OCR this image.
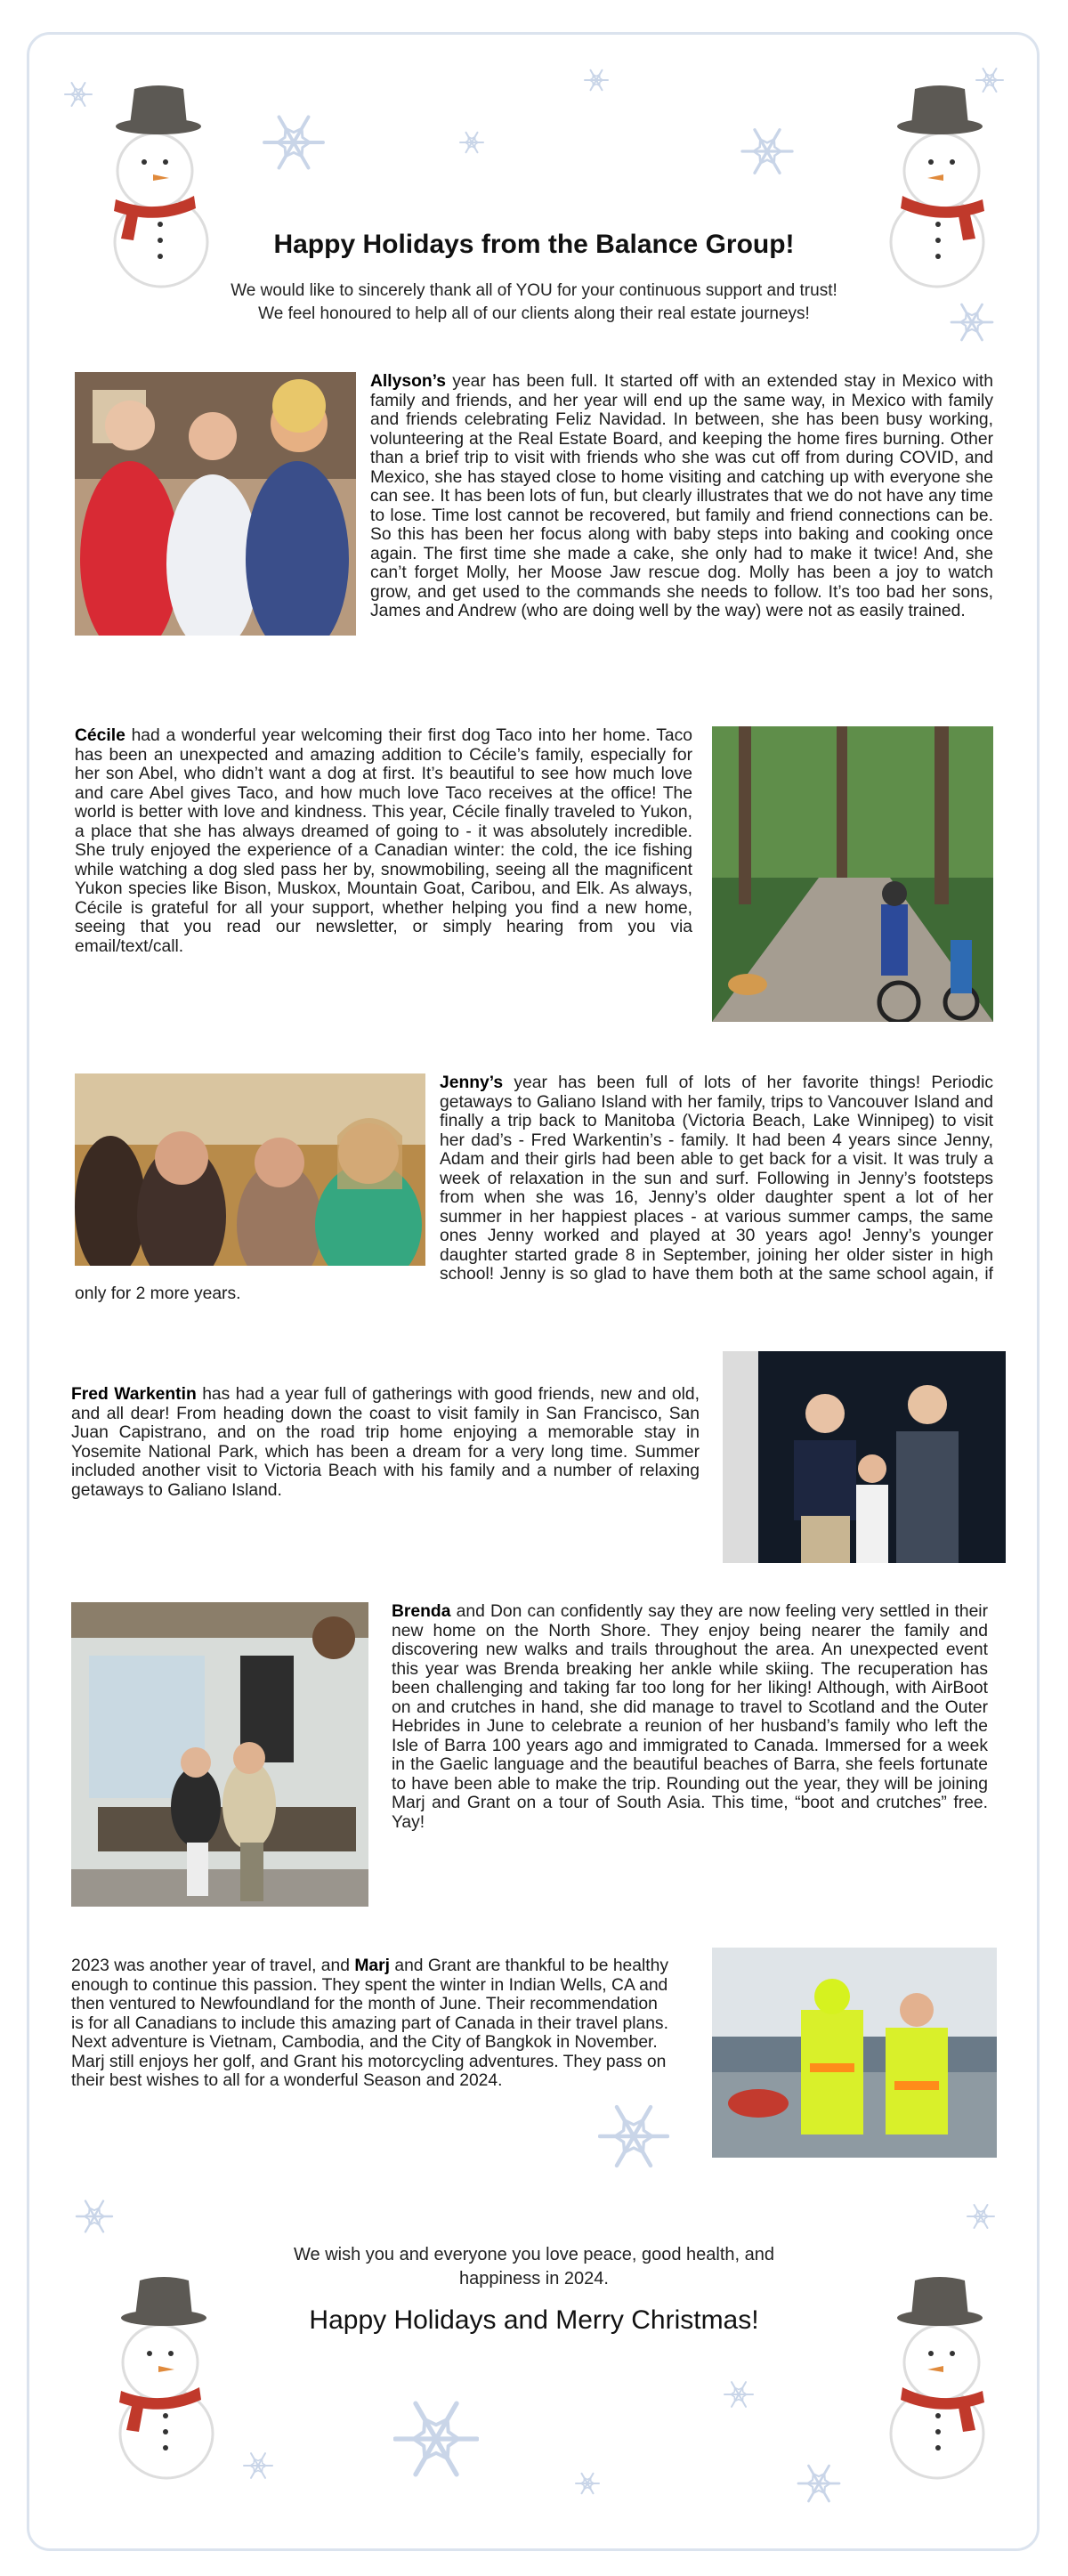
Happy Holidays from the Balance Group!
We would like to sincerely thank all of YOU for your continuous support and trust!
We feel honoured to help all of our clients along their real estate journeys!
Allyson’s year has been full. It started off with an extended stay in Mexico with family and friends, and her year will end up the same way, in Mexico with family and friends celebrating Feliz Navidad. In between, she has been busy working, volunteering at the Real Estate Board, and keeping the home fires burning. Other than a brief trip to visit with friends who she was cut off from during COVID, and Mexico, she has stayed close to home visiting and catching up with everyone she can see. It has been lots of fun, but clearly illustrates that we do not have any time to lose. Time lost cannot be recovered, but family and friend connections can be. So this has been her focus along with baby steps into baking and cooking once again. The first time she made a cake, she only had to make it twice! And, she can’t forget Molly, her Moose Jaw rescue dog. Molly has been a joy to watch grow, and get used to the commands she needs to follow. It’s too bad her sons, James and Andrew (who are doing well by the way) were not as easily trained.
Cécile had a wonderful year welcoming their first dog Taco into her home. Taco has been an unexpected and amazing addition to Cécile’s family, especially for her son Abel, who didn’t want a dog at first. It’s beautiful to see how much love and care Abel gives Taco, and how much love Taco receives at the office! The world is better with love and kindness. This year, Cécile finally traveled to Yukon, a place that she has always dreamed of going to - it was absolutely incredible. She truly enjoyed the experience of a Canadian winter: the cold, the ice fishing while watching a dog sled pass her by, snowmobiling, seeing all the magnificent Yukon species like Bison, Muskox, Mountain Goat, Caribou, and Elk. As always, Cécile is grateful for all your support, whether helping you find a new home, seeing that you read our newsletter, or simply hearing from you via email/text/call.
Jenny’s year has been full of lots of her favorite things! Periodic getaways to Galiano Island with her family, trips to Vancouver Island and finally a trip back to Manitoba (Victoria Beach, Lake Winnipeg) to visit her dad’s - Fred Warkentin’s - family. It had been 4 years since Jenny, Adam and their girls had been able to get back for a visit. It was truly a week of relaxation in the sun and surf. Following in Jenny’s footsteps from when she was 16, Jenny’s older daughter spent a lot of her summer in her happiest places - at various summer camps, the same ones Jenny worked and played at 30 years ago! Jenny’s younger daughter started grade 8 in September, joining her older sister in high school! Jenny is so glad to have them both at the same school again, if only for 2 more years.
Fred Warkentin has had a year full of gatherings with good friends, new and old, and all dear! From heading down the coast to visit family in San Francisco, San Juan Capistrano, and on the road trip home enjoying a memorable stay in Yosemite National Park, which has been a dream for a very long time. Summer included another visit to Victoria Beach with his family and a number of relaxing getaways to Galiano Island.
Brenda and Don can confidently say they are now feeling very settled in their new home on the North Shore. They enjoy being nearer the family and discovering new walks and trails throughout the area. An unexpected event this year was Brenda breaking her ankle while skiing. The recuperation has been challenging and taking far too long for her liking! Although, with AirBoot on and crutches in hand, she did manage to travel to Scotland and the Outer Hebrides in June to celebrate a reunion of her husband’s family who left the Isle of Barra 100 years ago and immigrated to Canada. Immersed for a week in the Gaelic language and the beautiful beaches of Barra, she feels fortunate to have been able to make the trip. Rounding out the year, they will be joining Marj and Grant on a tour of South Asia. This time, “boot and crutches” free. Yay!
2023 was another year of travel, and Marj and Grant are thankful to be healthy enough to continue this passion. They spent the winter in Indian Wells, CA and then ventured to Newfoundland for the month of June. Their recommendation is for all Canadians to include this amazing part of Canada in their travel plans. Next adventure is Vietnam, Cambodia, and the City of Bangkok in November. Marj still enjoys her golf, and Grant his motorcycling adventures. They pass on their best wishes to all for a wonderful Season and 2024.
We wish you and everyone you love peace, good health, and
happiness in 2024.
Happy Holidays and Merry Christmas!
